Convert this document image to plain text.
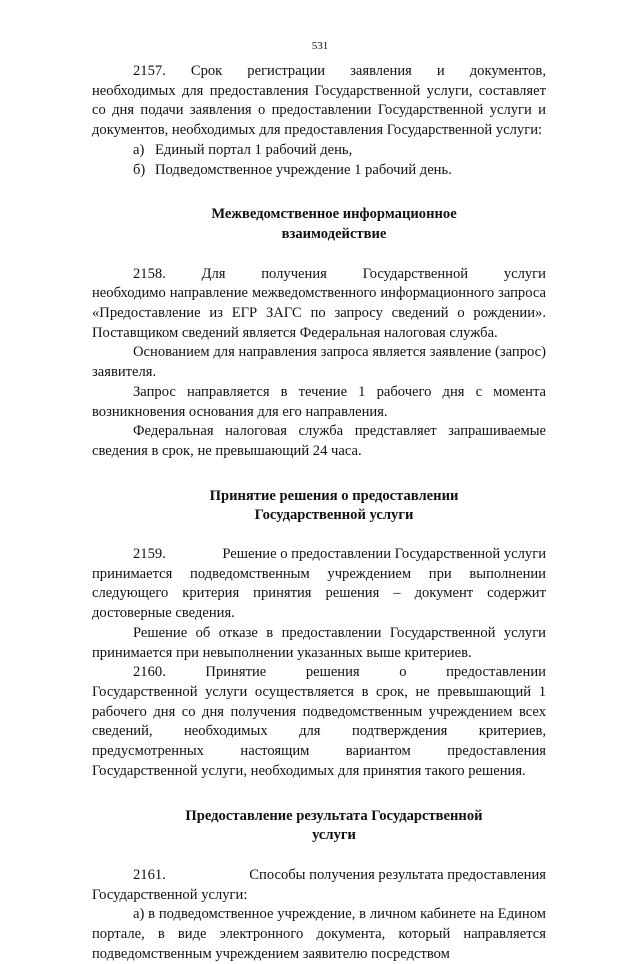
531
2157. Срок регистрации заявления и документов,

необходимых для предоставления Государственной услуги, составляет со дня подачи заявления о предоставлении Государственной услуги и документов, необходимых для предоставления Государственной услуги:

а) Единый портал 1 рабочий день,
б) Подведомственное учреждение 1 рабочий день.

Межведомственное информационное взаимодействие

2158. Для получения Государственной услуги

необходимо направление межведомственного информационного запроса «Предоставление из ЕГР ЗАГС по запросу сведений о рождении». Поставщиком сведений является Федеральная налоговая служба.

Основанием для направления запроса является заявление (запрос) заявителя.

Запрос направляется в течение 1 рабочего дня с момента возникновения основания для его направления.

Федеральная налоговая служба представляет запрашиваемые сведения в срок, не превышающий 24 часа.

Принятие решения о предоставлении Государственной услуги

2159.	Решение о предоставлении Государственной услуги

принимается подведомственным учреждением при выполнении следующего критерия принятия решения – документ содержит достоверные сведения.

Решение об отказе в предоставлении Государственной услуги принимается при невыполнении указанных выше критериев.

2160.	Принятие	решения	о	предоставлении

Государственной услуги осуществляется в срок, не превышающий 1 рабочего дня со дня получения подведомственным учреждением всех сведений, необходимых для подтверждения критериев, предусмотренных настоящим вариантом предоставления Государственной услуги, необходимых для принятия такого решения.

Предоставление результата Государственной услуги

2161.	Способы получения результата предоставления

Государственной услуги:

а) в подведомственное учреждение, в личном кабинете на Едином портале, в виде электронного документа, который направляется подведомственным учреждением заявителю посредством
